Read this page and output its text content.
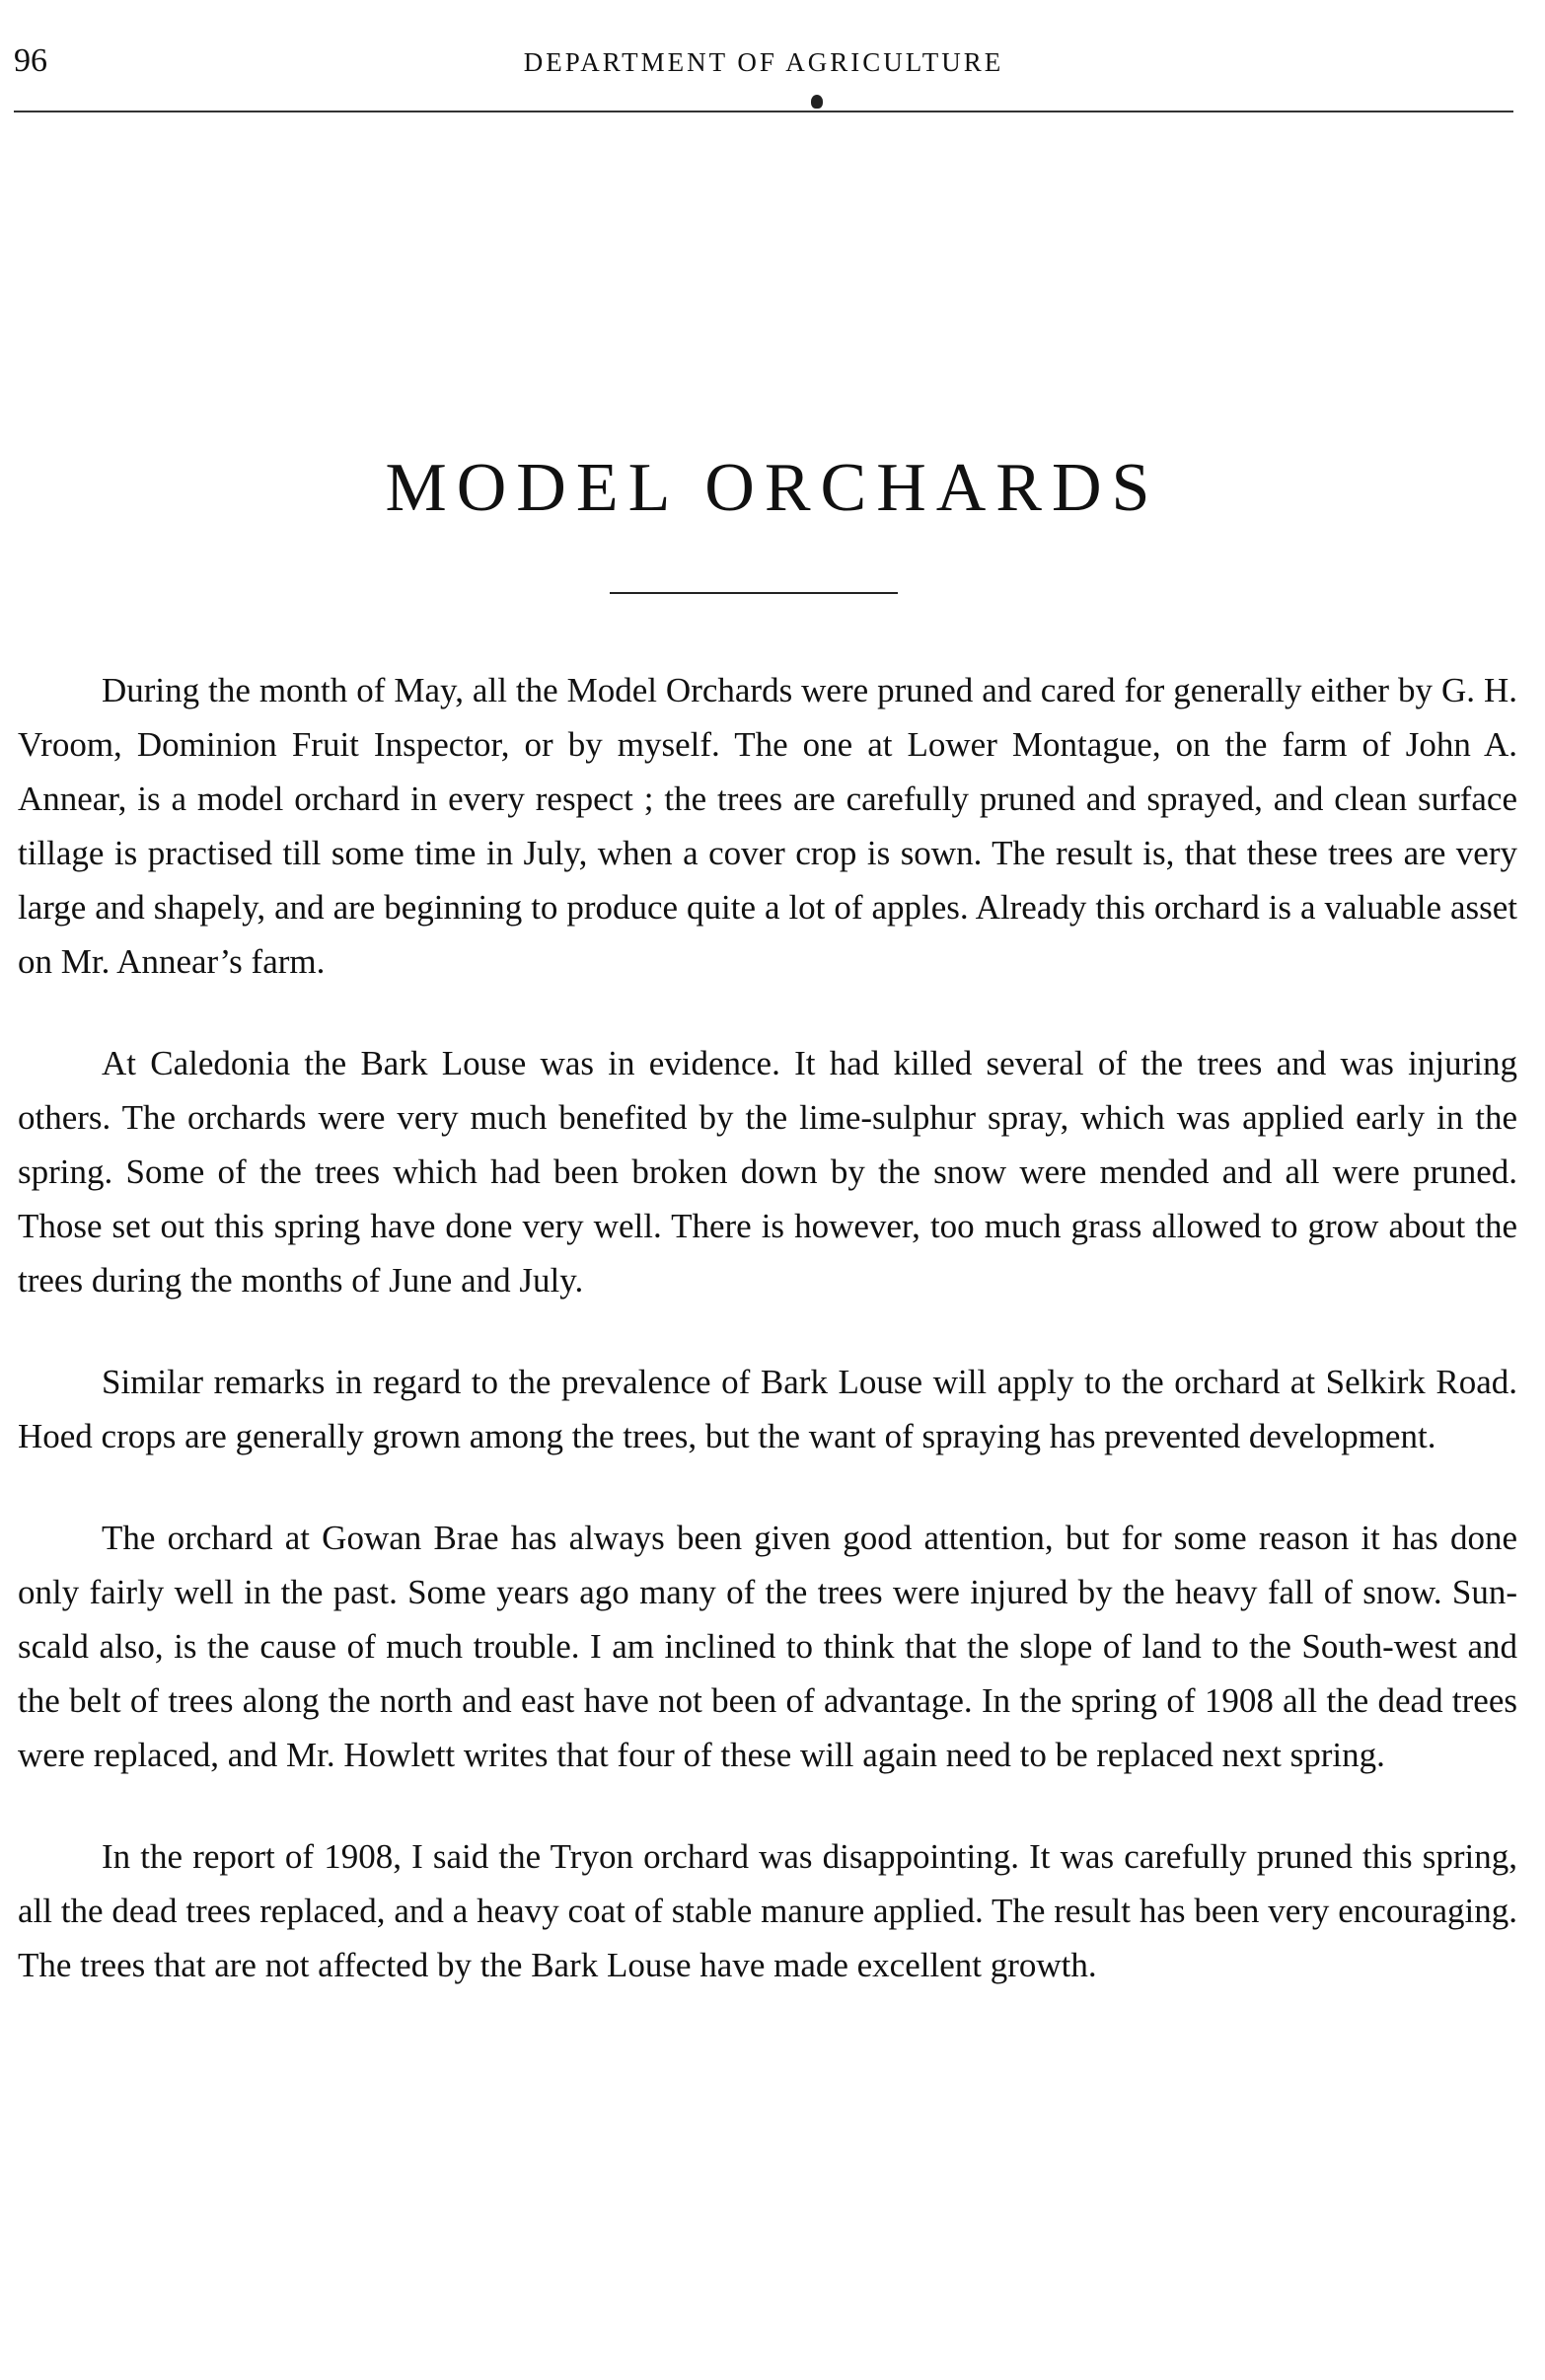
96	DEPARTMENT OF AGRICULTURE
MODEL ORCHARDS

During the month of May, all the Model Orchards were pruned and cared for generally either by G. H. Vroom, Dominion Fruit Inspector, or by myself. The one at Lower Montague, on the farm of John A. Annear, is a model orchard in every respect ; the trees are carefully pruned and sprayed, and clean surface tillage is practised till some time in July, when a cover crop is sown. The result is, that these trees are very large and shapely, and are beginning to produce quite a lot of apples. Already this orchard is a valuable asset on Mr. Annear’s farm.

At Caledonia the Bark Louse was in evidence. It had killed several of the trees and was injuring others. The orchards were very much benefited by the lime-sulphur spray, which was applied early in the spring. Some of the trees which had been broken down by the snow were mended and all were pruned. Those set out this spring have done very well. There is however, too much grass allowed to grow about the trees during the months of June and July.

Similar remarks in regard to the prevalence of Bark Louse will apply to the orchard at Selkirk Road. Hoed crops are generally grown among the trees, but the want of spraying has prevented development.

The orchard at Gowan Brae has always been given good attention, but for some reason it has done only fairly well in the past. Some years ago many of the trees were injured by the heavy fall of snow. Sun-scald also, is the cause of much trouble. I am inclined to think that the slope of land to the South-west and the belt of trees along the north and east have not been of advantage. In the spring of 1908 all the dead trees were replaced, and Mr. Howlett writes that four of these will again need to be replaced next spring.

In the report of 1908, I said the Tryon orchard was disappointing. It was carefully pruned this spring, all the dead trees replaced, and a heavy coat of stable manure applied. The result has been very encouraging. The trees that are not affected by the Bark Louse have made excellent growth.
